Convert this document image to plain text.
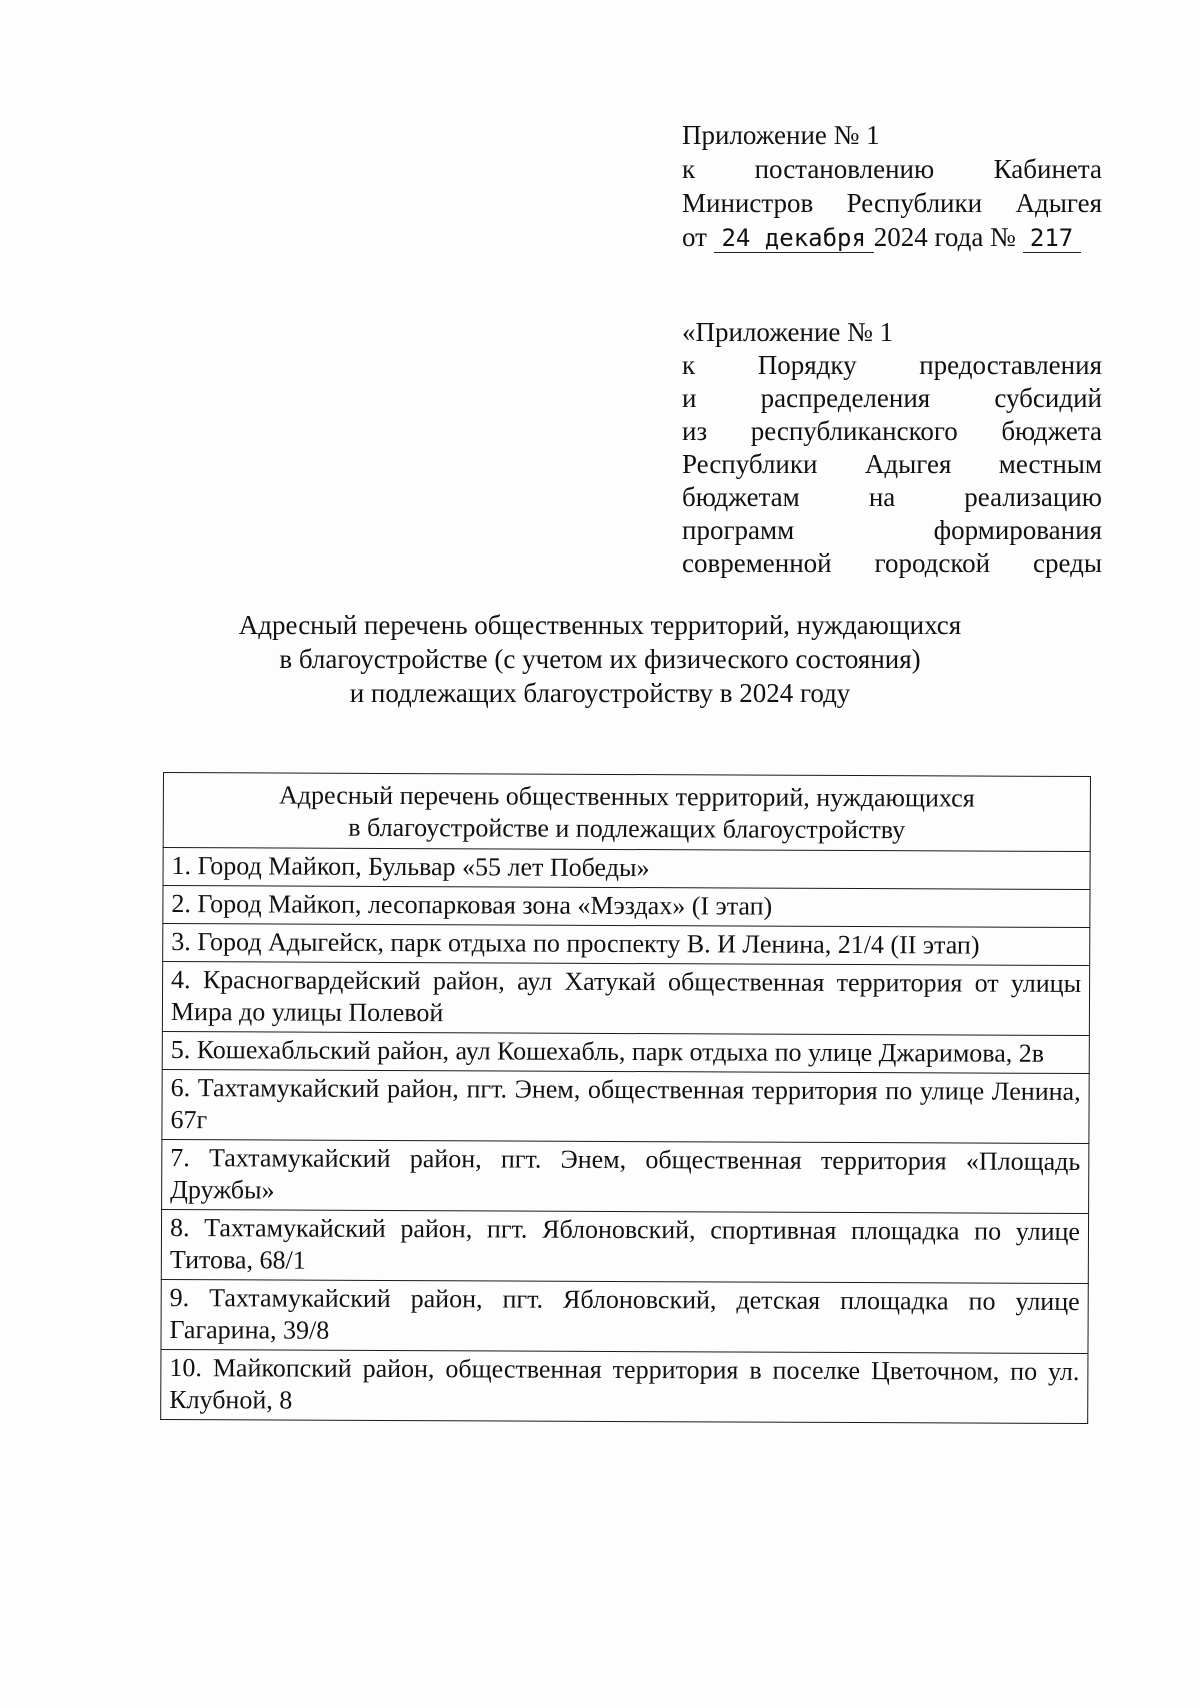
Приложение № 1
к постановлению Кабинета
Министров Республики Адыгея
от 24 декабря 2024 года № 217
«Приложение № 1
к Порядку предоставления
и распределения субсидий
из республиканского бюджета
Республики Адыгея местным
бюджетам	на	реализацию
программ	формирования
современной городской среды
Адресный перечень общественных территорий, нуждающихся
в благоустройстве (с учетом их физического состояния)
и подлежащих благоустройству в 2024 году
Адресный перечень общественных территорий, нуждающихся
в благоустройстве и подлежащих благоустройству

1. Город Майкоп, Бульвар «55 лет Победы»
2. Город Майкоп, лесопарковая зона «Мэздах» (I этап)
3. Город Адыгейск, парк отдыха по проспекту В. И Ленина, 21/4 (II этап)
4. Красногвардейский район, аул Хатукай общественная территория от улицы Мира до улицы Полевой
5. Кошехабльский район, аул Кошехабль, парк отдыха по улице Джаримова, 2в
6. Тахтамукайский район, пгт. Энем, общественная территория по улице Ленина, 67г
7. Тахтамукайский район, пгт. Энем, общественная территория «Площадь Дружбы»
8. Тахтамукайский район, пгт. Яблоновский, спортивная площадка по улице Титова, 68/1
9. Тахтамукайский район, пгт. Яблоновский, детская площадка по улице Гагарина, 39/8
10. Майкопский район, общественная территория в поселке Цветочном, по ул. Клубной, 8
